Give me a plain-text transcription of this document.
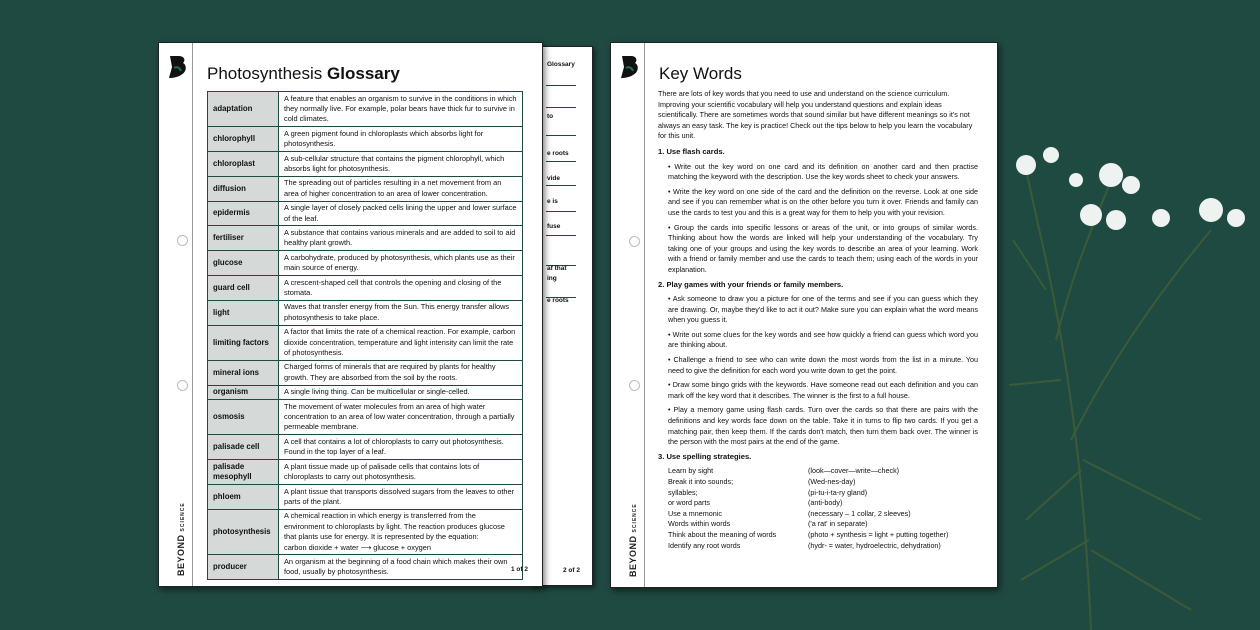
Glossary
to
e roots
vide
e is
fuse
af that
ing
e roots
2 of 2
BEYONDSCIENCE
Photosynthesis Glossary
adaptation	A feature that enables an organism to survive in the conditions in which they normally live. For example, polar bears have thick fur to survive in cold climates.
chlorophyll	A green pigment found in chloroplasts which absorbs light for photosynthesis.
chloroplast	A sub-cellular structure that contains the pigment chlorophyll, which absorbs light for photosynthesis.
diffusion	The spreading out of particles resulting in a net movement from an area of higher concentration to an area of lower concentration.
epidermis	A single layer of closely packed cells lining the upper and lower surface of the leaf.
fertiliser	A substance that contains various minerals and are added to soil to aid healthy plant growth.
glucose	A carbohydrate, produced by photosynthesis, which plants use as their main source of energy.
guard cell	A crescent-shaped cell that controls the opening and closing of the stomata.
light	Waves that transfer energy from the Sun. This energy transfer allows photosynthesis to take place.
limiting factors	A factor that limits the rate of a chemical reaction. For example, carbon dioxide concentration, temperature and light intensity can limit the rate of photosynthesis.
mineral ions	Charged forms of minerals that are required by plants for healthy growth. They are absorbed from the soil by the roots.
organism	A single living thing. Can be multicellular or single-celled.
osmosis	The movement of water molecules from an area of high water concentration to an area of low water concentration, through a partially permeable membrane.
palisade cell	A cell that contains a lot of chloroplasts to carry out photosynthesis. Found in the top layer of a leaf.
palisade mesophyll	A plant tissue made up of palisade cells that contains lots of chloroplasts to carry out photosynthesis.
phloem	A plant tissue that transports dissolved sugars from the leaves to other parts of the plant.
photosynthesis	A chemical reaction in which energy is transferred from the environment to chloroplasts by light. The reaction produces glucose that plants use for energy. It is represented by the equation:
carbon dioxide + water ⟶ glucose + oxygen
producer	An organism at the beginning of a food chain which makes their own food, usually by photosynthesis.	1 of 2	BEYONDSCIENCE
Key Words

There are lots of key words that you need to use and understand on the science curriculum. Improving your scientific vocabulary will help you understand questions and explain ideas scientifically. There are sometimes words that sound similar but have different meanings so it's not always an easy task. The key is practice! Check out the tips below to help you learn the vocabulary for this unit.

1. Use flash cards.
• Write out the key word on one card and its definition on another card and then practise matching the keyword with the description. Use the key words sheet to check your answers.
• Write the key word on one side of the card and the definition on the reverse. Look at one side and see if you can remember what is on the other before you turn it over. Friends and family can use the cards to test you and this is a great way for them to help you with your revision.
• Group the cards into specific lessons or areas of the unit, or into groups of similar words. Thinking about how the words are linked will help your understanding of the vocabulary. Try taking one of your groups and using the key words to describe an area of your learning. Work with a friend or family member and use the cards to teach them; using each of the words in your explanation.
2. Play games with your friends or family members.
• Ask someone to draw you a picture for one of the terms and see if you can guess which they are drawing. Or, maybe they'd like to act it out? Make sure you can explain what the word means when you guess it.
• Write out some clues for the key words and see how quickly a friend can guess which word you are thinking about.
• Challenge a friend to see who can write down the most words from the list in a minute. You need to give the definition for each word you write down to get the point.
• Draw some bingo grids with the keywords. Have someone read out each definition and you can mark off the key word that it describes. The winner is the first to a full house.
• Play a memory game using flash cards. Turn over the cards so that there are pairs with the definitions and key words face down on the table. Take it in turns to flip two cards. If you get a matching pair, then keep them. If the cards don't match, then turn them back over. The winner is the person with the most pairs at the end of the game.
3. Use spelling strategies.
Learn by sight	(look—cover—write—check)
Break it into sounds;	(Wed-nes-day)
syllables;	(pi-tu-i-ta-ry gland)
or word parts	(anti-body)
Use a mnemonic	(necessary – 1 collar, 2 sleeves)
Words within words	('a rat' in separate)
Think about the meaning of words	(photo + synthesis = light + putting together)
Identify any root words	(hydr- = water, hydroelectric, dehydration)
